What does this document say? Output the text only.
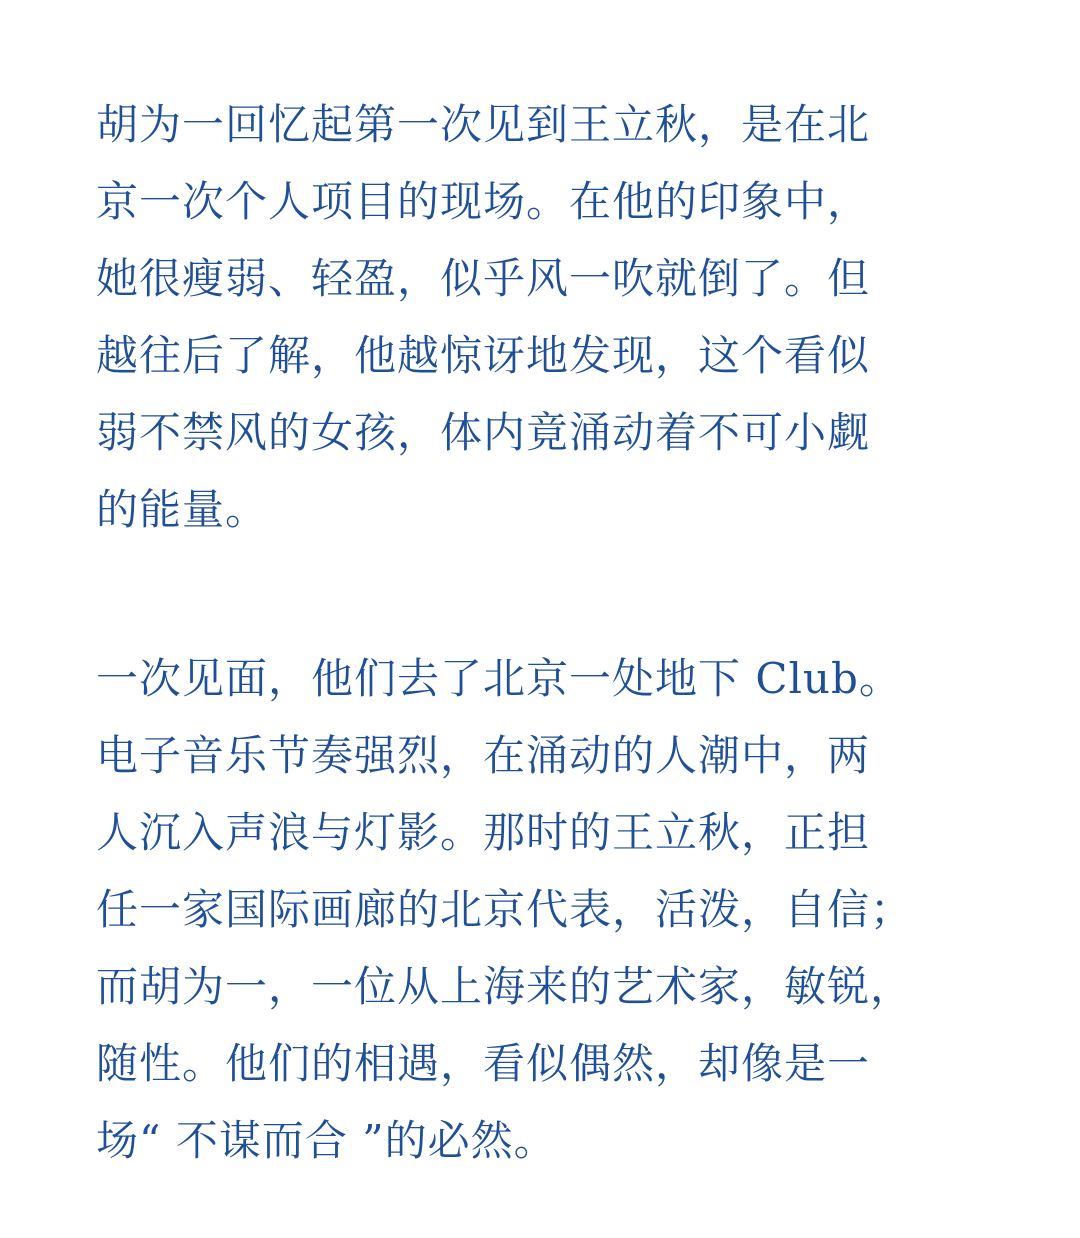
胡为一回忆起第一次见到王立秋，是在北
京一次个人项目的现场。在他的印象中，
她很瘦弱、轻盈，似乎风一吹就倒了。但
越往后了解，他越惊讶地发现，这个看似
弱不禁风的女孩，体内竟涌动着不可小觑
的能量。

一次见面，他们去了北京一处地下 Club。
电子音乐节奏强烈，在涌动的人潮中，两
人沉入声浪与灯影。那时的王立秋，正担
任一家国际画廊的北京代表，活泼，自信；
而胡为一，一位从上海来的艺术家，敏锐，
随性。他们的相遇，看似偶然，却像是一
场“ 不谋而合 ”的必然。
